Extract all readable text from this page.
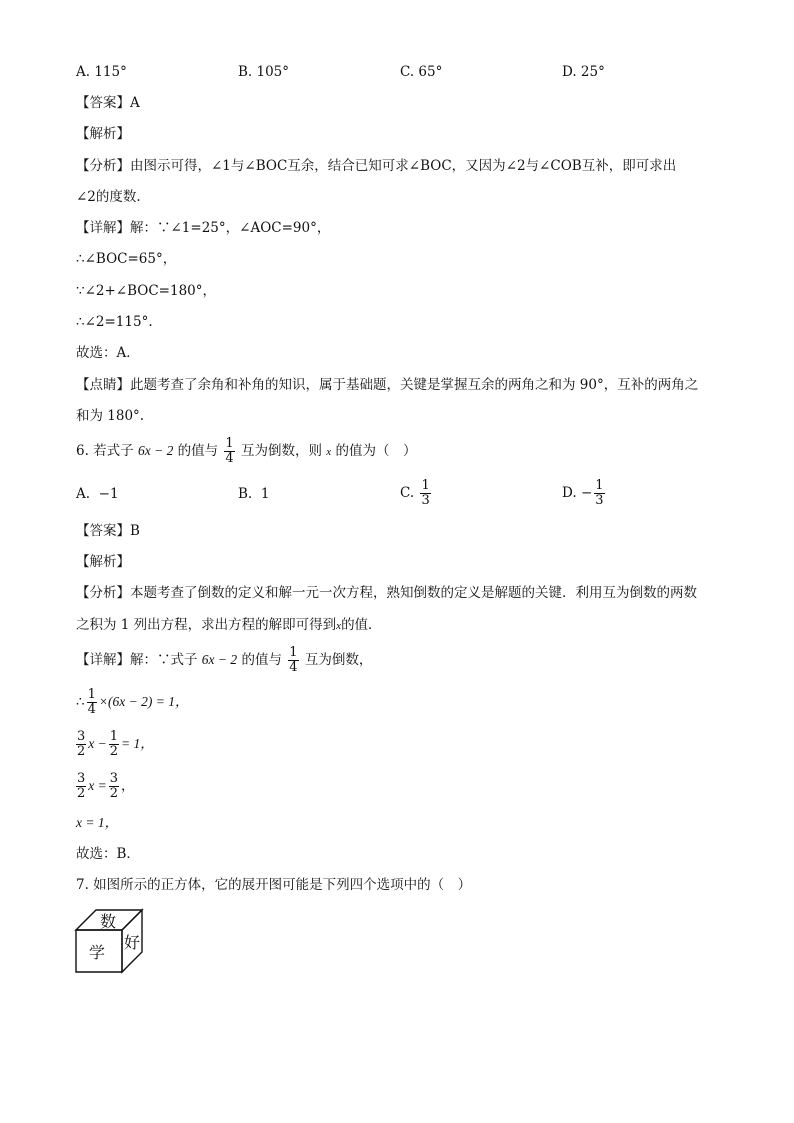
A. 115°	B. 105°	C. 65°	D. 25°
【答案】A
【解析】
【分析】由图示可得，∠1与∠BOC互余，结合已知可求∠BOC，又因为∠2与∠COB互补，即可求出
∠2的度数.
【详解】解：∵∠1=25°，∠AOC=90°，
∴∠BOC=65°，
∵∠2+∠BOC=180°，
∴∠2=115°.
故选：A．
【点睛】此题考查了余角和补角的知识，属于基础题，关键是掌握互余的两角之和为 90°，互补的两角之
和为 180°.
6. 若式子 6x − 2 的值与 $\frac{1}{4}$ 互为倒数，则 x 的值为（　）
A. −1	B. 1	C. $\frac{1}{3}$	D. − $\frac{1}{3}$
【答案】B
【解析】
【分析】本题考查了倒数的定义和解一元一次方程，熟知倒数的定义是解题的关键．利用互为倒数的两数
之积为 1 列出方程，求出方程的解即可得到x的值．
【详解】解：∵式子 6x − 2 的值与 $\frac{1}{4}$ 互为倒数，
∴ $\frac{1}{4} \times(6x - 2) = 1$，
$\frac{3}{2}$ $x - \frac{1}{2} = 1$，
$\frac{3}{2}$ $x = \frac{3}{2}$ ，
x = 1，
故选：B．
7. 如图所示的正方体，它的展开图可能是下列四个选项中的（　）
数
好
学
